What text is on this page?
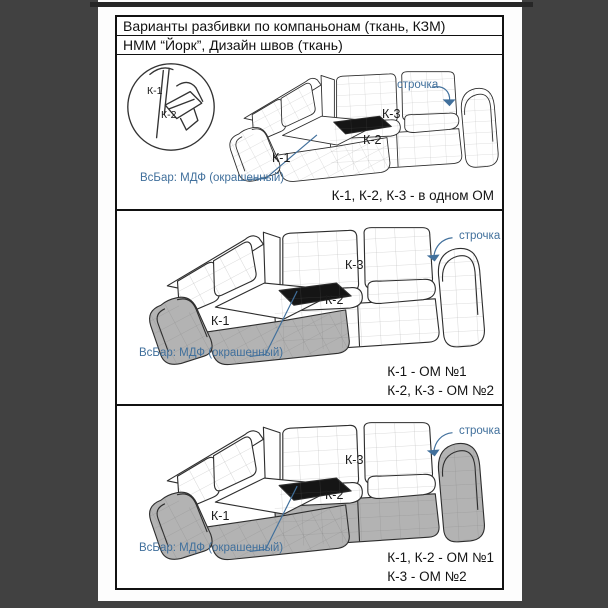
Варианты разбивки по компаньонам (ткань, КЗМ)
НММ “Йорк”, Дизайн швов (ткань)
К-1
К-2	К-3
К-2
К-1
строчка
ВсБар: МДФ (окрашенный)
К-1, К-2, К-3 - в одном ОМ
К-3
К-2
К-1
строчка
ВсБар: МДФ (окрашенный)
К-1 - ОМ №1
К-2, К-3 - ОМ №2
К-3
К-2
К-1
строчка
ВсБар: МДФ (окрашенный)
К-1, К-2 - ОМ №1
К-3 - ОМ №2
